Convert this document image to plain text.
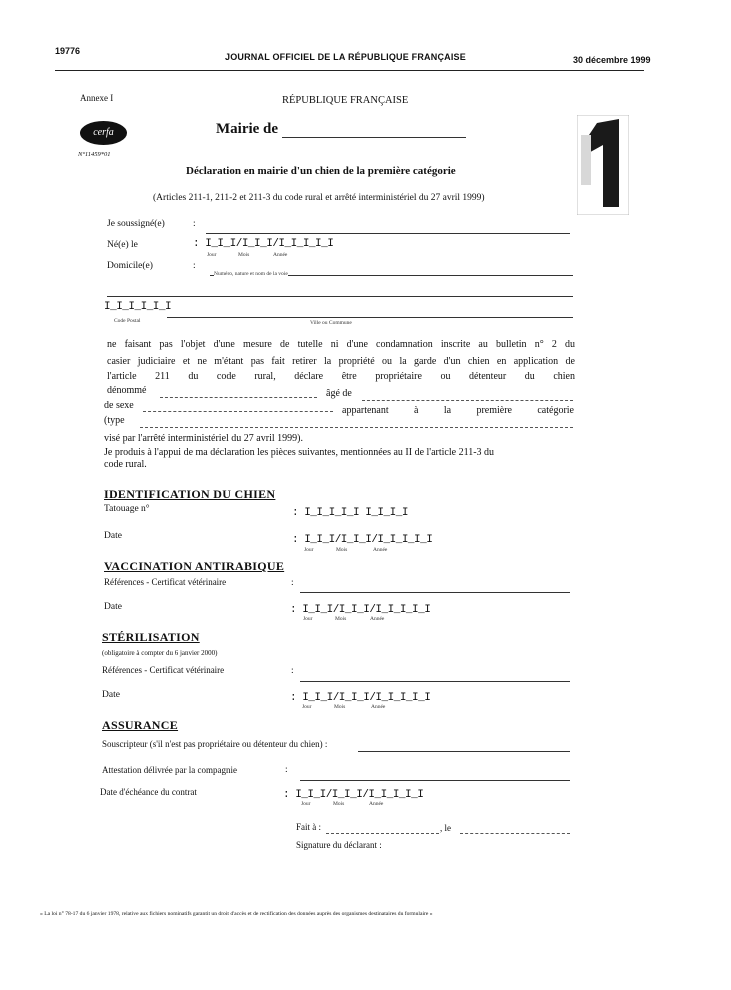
19776
JOURNAL OFFICIEL DE LA RÉPUBLIQUE FRANÇAISE	30 décembre 1999
Annexe I	RÉPUBLIQUE FRANÇAISE
cerfa
N°11459*01
Mairie de
1
Déclaration en mairie d'un chien de la première catégorie
(Articles 211-1, 211-2 et 211-3 du code rural et arrêté interministériel du 27 avril 1999)
Je soussigné(e)	:
Né(e) le	: I_I_I/I_I_I/I_I_I_I_I
Jour	Mois	Année
Domicile(e)	:
Numéro, nature et nom de la voie
I_I_I_I_I_I
Code Postal	Ville ou Commune
ne faisant pas l'objet d'une mesure de tutelle ni d'une condamnation inscrite au bulletin n° 2 du
casier judiciaire et ne m'étant pas fait retirer la propriété ou la garde d'un chien en application de
l'article 211 du code rural, déclare être propriétaire ou détenteur du chien
dénommé	âgé de
de sexe	appartenant à la première catégorie
(type
visé par l'arrêté interministériel du 27 avril 1999).
Je produis à l'appui de ma déclaration les pièces suivantes, mentionnées au II de l'article 211-3 du
code rural.
IDENTIFICATION DU CHIEN
Tatouage n°	: I_I_I_I_I I_I_I_I
Date	: I_I_I/I_I_I/I_I_I_I_I
Jour	Mois	Année
VACCINATION ANTIRABIQUE
Références - Certificat vétérinaire	:
Date	: I_I_I/I_I_I/I_I_I_I_I
Jour	Mois	Année
STÉRILISATION
(obligatoire à compter du 6 janvier 2000)
Références - Certificat vétérinaire	:
Date	: I_I_I/I_I_I/I_I_I_I_I
Jour	Mois	Année
ASSURANCE
Souscripteur (s'il n'est pas propriétaire ou détenteur du chien) :
Attestation délivrée par la compagnie	:
Date d'échéance du contrat	: I_I_I/I_I_I/I_I_I_I_I
Jour	Mois	Année
Fait à :	, le
Signature du déclarant :
« La loi n° 78-17 du 6 janvier 1978, relative aux fichiers nominatifs garantit un droit d'accès et de rectification des données auprès des organismes destinataires du formulaire »
